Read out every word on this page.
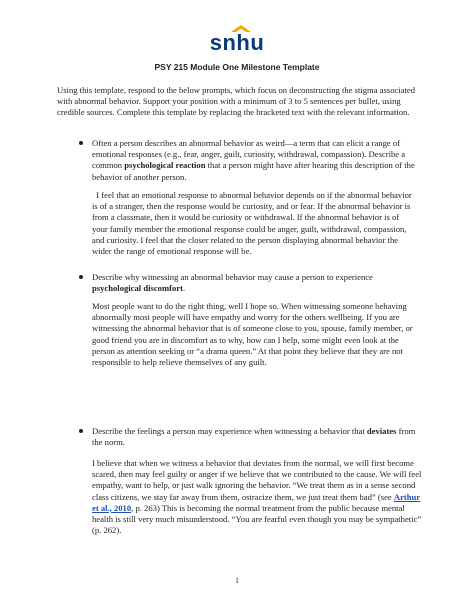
snhu
PSY 215 Module One Milestone Template
Using this template, respond to the below prompts, which focus on deconstructing the stigma associated with abnormal behavior. Support your position with a minimum of 3 to 5 sentences per bullet, using credible sources. Complete this template by replacing the bracketed text with the relevant information.
Often a person describes an abnormal behavior as weird—a term that can elicit a range of emotional responses (e.g., fear, anger, guilt, curiosity, withdrawal, compassion). Describe a common psychological reaction that a person might have after hearing this description of the behavior of another person.
I feel that an emotional response to abnormal behavior depends on if the abnormal behavior is of a stranger, then the response would be curiosity, and or fear. If the abnormal behavior is from a classmate, then it would be curiosity or withdrawal. If the abnormal behavior is of your family member the emotional response could be anger, guilt, withdrawal, compassion, and curiosity. I feel that the closer related to the person displaying abnormal behavior the wider the range of emotional response will be.
Describe why witnessing an abnormal behavior may cause a person to experience psychological discomfort.
Most people want to do the right thing, well I hope so. When witnessing someone behaving abnormally most people will have empathy and worry for the others wellbeing. If you are witnessing the abnormal behavior that is of someone close to you, spouse, family member, or good friend you are in discomfort as to why, how can I help, some might even look at the person as attention seeking or “a drama queen.” At that point they believe that they are not responsible to help relieve themselves of any guilt.
Describe the feelings a person may experience when witnessing a behavior that deviates from the norm.
I believe that when we witness a behavior that deviates from the normal, we will first become scared, then may feel guilty or anger if we believe that we contributed to the cause. We will feel empathy, want to help, or just walk ignoring the behavior. “We treat them as in a sense second class citizens, we stay far away from them, ostracize them, we just treat them bad” (see Arthur et al., 2010, p. 263) This is becoming the normal treatment from the public because mental health is still very much misunderstood. “You are fearful even though you may be sympathetic” (p. 262).
1
